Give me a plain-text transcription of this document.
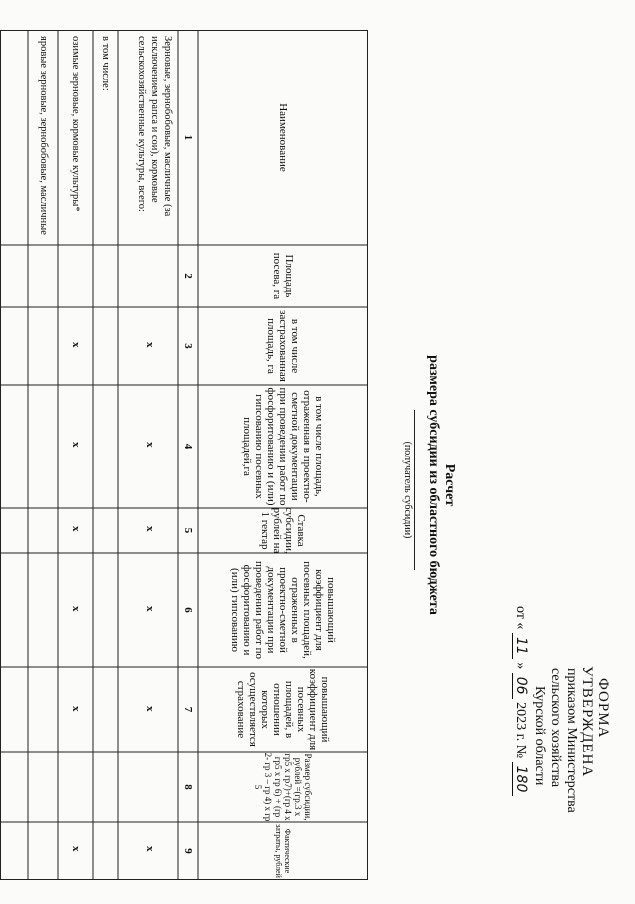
ФОРМА
УТВЕРЖДЕНА
приказом Министерства
сельского хозяйства
Курской области
от « 11 » 06 2023 г. № 180
Расчет
размера субсидии из областного бюджета
(получатель субсидии)
Наименование
Площадь посева, га
в том числе застрахованная площадь, га
в том числе площадь, отраженная в проектно-сметной документации при проведении работ по фосфоритованию и (или) гипсованию посевных площадей,га
Ставка субсидии, рублей на 1 гектар
повышающий коэффициент для посевных площадей, отраженных в проектно-сметной документации при проведении работ по фосфоритованию и (или) гипсованию
повышающий коэффициент для посевных площадей, в отношении которых осуществляется страхование
Размер субсидии, рублей =(гр.3 х гр5 х гр7)+(гр 4 х гр5 х гр 6) + (гр 2- гр 3 – гр 4) х гр 5
Фактические затраты, рублей
1
2
3
4
5
6
7
8
9
Зерновые, зернобобовые, масличные (за исключением рапса и сои), кормовые сельскохозяйственные культуры, всего:
в том числе:
озимые зерновые, кормовые культуры*
яровые зерновые, зернобобовые, масличные
х
х
х
х
х
х
х
х
х
х
х
х
